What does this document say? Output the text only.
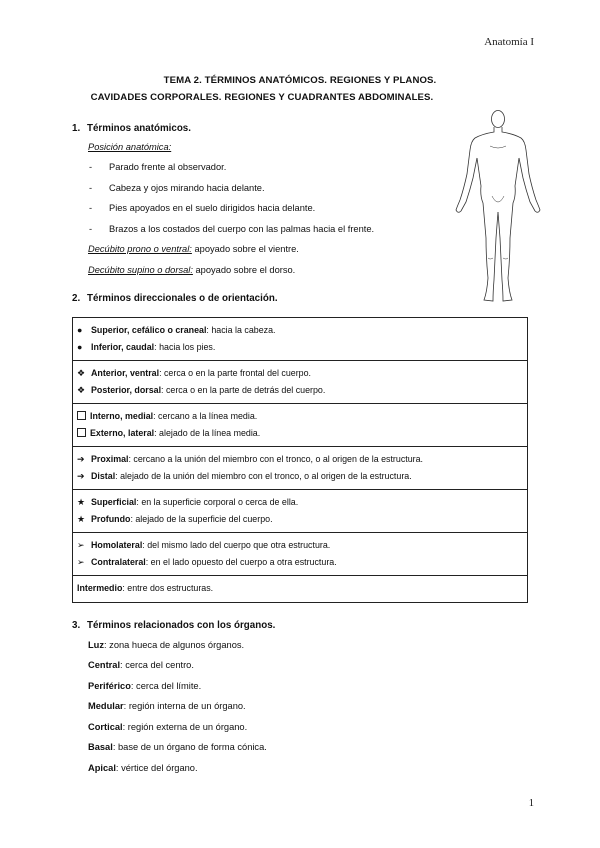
Anatomía I
TEMA 2. TÉRMINOS ANATÓMICOS. REGIONES Y PLANOS.
CAVIDADES CORPORALES. REGIONES Y CUADRANTES ABDOMINALES.
1. Términos anatómicos.
Posición anatómica:
- Parado frente al observador.
- Cabeza y ojos mirando hacia delante.
- Pies apoyados en el suelo dirigidos hacia delante.
- Brazos a los costados del cuerpo con las palmas hacia el frente.
Decúbito prono o ventral: apoyado sobre el vientre.
Decúbito supino o dorsal: apoyado sobre el dorso.
2. Términos direccionales o de orientación.
● Superior, cefálico o craneal: hacia la cabeza.
● Inferior, caudal: hacia los pies.

❖ Anterior, ventral: cerca o en la parte frontal del cuerpo.
❖ Posterior, dorsal: cerca o en la parte de detrás del cuerpo.

Interno, medial: cercano a la línea media.
Externo, lateral: alejado de la línea media.

➔ Proximal: cercano a la unión del miembro con el tronco, o al origen de la estructura.
➔ Distal: alejado de la unión del miembro con el tronco, o al origen de la estructura.

★ Superficial: en la superficie corporal o cerca de ella.
★ Profundo: alejado de la superficie del cuerpo.

➢ Homolateral: del mismo lado del cuerpo que otra estructura.
➢ Contralateral: en el lado opuesto del cuerpo a otra estructura.

Intermedio: entre dos estructuras.
3. Términos relacionados con los órganos.
Luz: zona hueca de algunos órganos.
Central: cerca del centro.
Periférico: cerca del límite.
Medular: región interna de un órgano.
Cortical: región externa de un órgano.
Basal: base de un órgano de forma cónica.
Apical: vértice del órgano.
1
